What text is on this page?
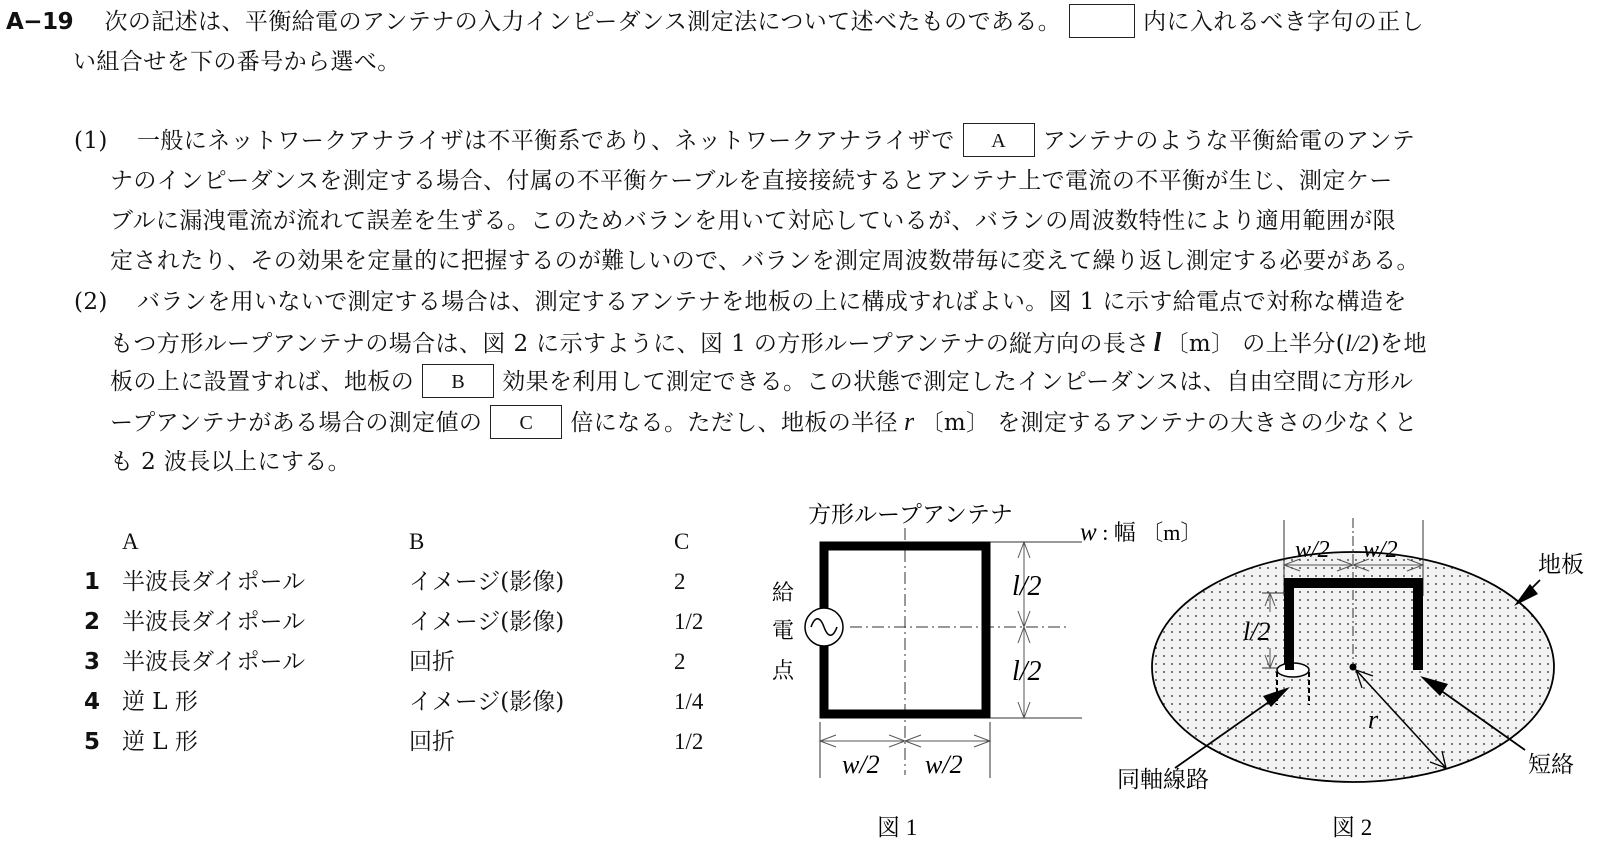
A−19 次の記述は、平衡給電のアンテナの入力インピーダンス測定法について述べたものである。	内に入れるべき字句の正し
い組合せを下の番号から選べ。
(1) 一般にネットワークアナライザは不平衡系であり、ネットワークアナライザで A アンテナのような平衡給電のアンテ
ナのインピーダンスを測定する場合、付属の不平衡ケーブルを直接接続するとアンテナ上で電流の不平衡が生じ、測定ケー
ブルに漏洩電流が流れて誤差を生ずる。このためバランを用いて対応しているが、バランの周波数特性により適用範囲が限
定されたり、その効果を定量的に把握するのが難しいので、バランを測定周波数帯毎に変えて繰り返し測定する必要がある。
(2) バランを用いないで測定する場合は、測定するアンテナを地板の上に構成すればよい。図 1 に示す給電点で対称な構造を
もつ方形ループアンテナの場合は、図 2 に示すように、図 1 の方形ループアンテナの縦方向の長さ l 〔m〕 の上半分(l/2)を地
板の上に設置すれば、地板の B 効果を利用して測定できる。この状態で測定したインピーダンスは、自由空間に方形ル
ープアンテナがある場合の測定値の C 倍になる。ただし、地板の半径 r 〔m〕 を測定するアンテナの大きさの少なくと
も 2 波長以上にする。
A	B	C
1 半波長ダイポール	イメージ(影像)	2
2 半波長ダイポール	イメージ(影像)	1/2
3 半波長ダイポール	回折	2
4 逆 L 形	イメージ(影像)	1/4
5 逆 L 形	回折	1/2
方形ループアンテナ
給
電
点
l/2
l/2
w/2 w/2
図 1
w : 幅 〔m〕
w/2 w/2
l/2
r
地板
同軸線路
短絡
図 2
